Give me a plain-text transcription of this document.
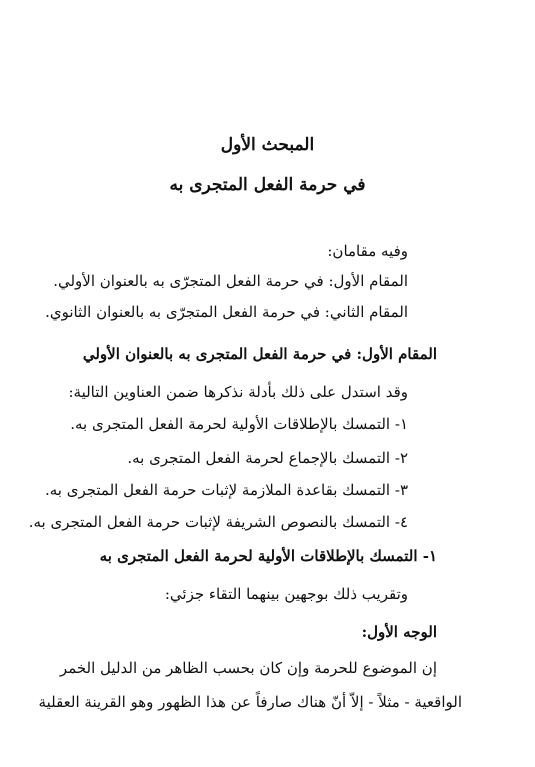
المبحث الأول
في حرمة الفعل المتجرى به
وفيه مقامان:
المقام الأول: في حرمة الفعل المتجرّى به بالعنوان الأولي.
المقام الثاني: في حرمة الفعل المتجرّى به بالعنوان الثانوي.
المقام الأول: في حرمة الفعل المتجرى به بالعنوان الأولي
وقد استدل على ذلك بأدلة نذكرها ضمن العناوين التالية:
١- التمسك بالإطلاقات الأولية لحرمة الفعل المتجرى به.
٢- التمسك بالإجماع لحرمة الفعل المتجرى به.
٣- التمسك بقاعدة الملازمة لإثبات حرمة الفعل المتجرى به.
٤- التمسك بالنصوص الشريفة لإثبات حرمة الفعل المتجرى به.
١- التمسك بالإطلاقات الأولية لحرمة الفعل المتجرى به
وتقريب ذلك بوجهين بينهما التقاء جزئي:
الوجه الأول:
إن الموضوع للحرمة وإن كان بحسب الظاهر من الدليل الخمر
الواقعية - مثلاً - إلاّ أنّ هناك صارفاً عن هذا الظهور وهو القرينة العقلية
